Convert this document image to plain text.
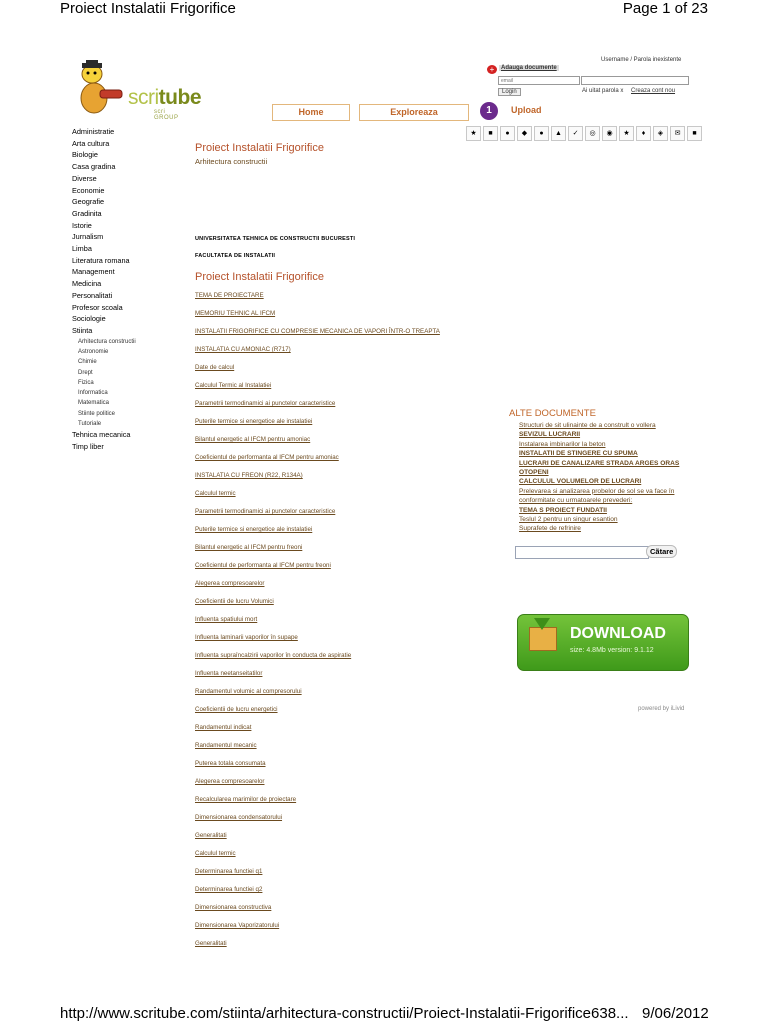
Proiect Instalatii Frigorifice	Page 1 of 23
scritube
scri GROUP
Username / Parola inexistente
+	Adauga documente
email
Login	Ai uitat parola x Creaza cont nou
Home	Exploreaza	1	Upload
★	■	●	◆	●	▲	✓	◎	◉	★	♦	◈	✉	■
Administratie
Arta cultura
Biologie
Casa gradina
Diverse
Economie
Geografie
Gradinita
Istorie
Jurnalism
Limba
Literatura romana
Management
Medicina
Personalitati
Profesor scoala
Sociologie
Stiinta
Arhitectura constructii
Astronomie
Chimie
Drept
Fizica
Informatica
Matematica
Stiinte politice
Tutoriale
Tehnica mecanica
Timp liber
Proiect Instalatii Frigorifice
Arhitectura constructii
UNIVERSITATEA TEHNICA DE CONSTRUCTII BUCURESTI
FACULTATEA DE INSTALATII
Proiect Instalatii Frigorifice
TEMA DE PROIECTARE
MEMORIU TEHNIC AL IFCM
INSTALATII FRIGORIFICE CU COMPRESIE MECANICA DE VAPORI ÎNTR-O TREAPTA
INSTALATIA CU AMONIAC (R717)
Date de calcul
Calculul Termic al Instalatiei
Parametrii termodinamici ai punctelor caracteristice
Puterile termice si energetice ale instalatiei
Bilantul energetic al IFCM pentru amoniac
Coeficientul de performanta al IFCM pentru amoniac
INSTALATIA CU FREON (R22, R134A)
Calculul termic
Parametrii termodinamici ai punctelor caracteristice
Puterile termice si energetice ale instalatiei
Bilantul energetic al IFCM pentru freoni
Coeficientul de performanta al IFCM pentru freoni
Alegerea compresoarelor
Coeficientii de lucru Volumici
Influenta spatiului mort
Influenta laminarii vaporilor în supape
Influenta supraîncalzirii vaporilor în conducta de aspiratie
Influenta neetanseitatilor
Randamentul volumic al compresorului
Coeficientii de lucru energetici
Randamentul indicat
Randamentul mecanic
Puterea totala consumata
Alegerea compresoarelor
Recalcularea marimilor de proiectare
Dimensionarea condensatorului
Generalitati
Calculul termic
Determinarea functiei q1
Determinarea functiei q2
Dimensionarea constructiva
Dimensionarea Vaporizatorului
Generalitati
ALTE DOCUMENTE
Structuri de sit ulinainte de a constrult o vollera
SEVIZUL LUCRARII
Instalarea imbinarilor la beton
INSTALATII DE STINGERE CU SPUMA
LUCRARI DE CANALIZARE STRADA ARGES ORAS OTOPENI
CALCULUL VOLUMELOR DE LUCRARI
Prelevarea si analizarea probelor de sol se va face în conformitate cu urmatoarele prevederi:
TEMA S PROIECT FUNDATII
Teslul 2 pentru un singur esantion
Suprafete de refrinire
Cãtare
DOWNLOAD
size: 4.8Mb version: 9.1.12
powered by iLivid
http://www.scritube.com/stiinta/arhitectura-constructii/Proiect-Instalatii-Frigorifice638... 9/06/2012
